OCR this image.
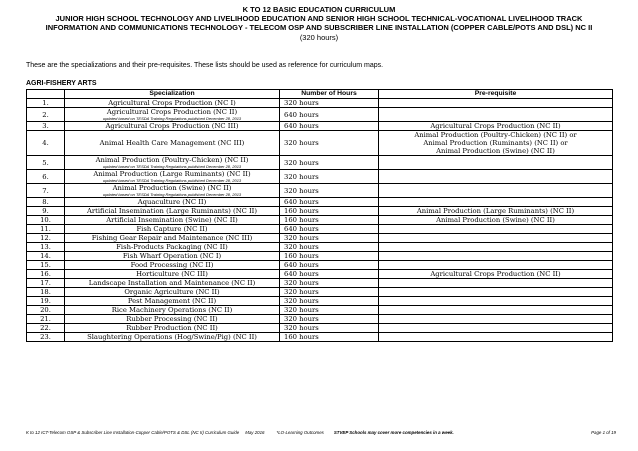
K TO 12 BASIC EDUCATION CURRICULUM
JUNIOR HIGH SCHOOL TECHNOLOGY AND LIVELIHOOD EDUCATION AND SENIOR HIGH SCHOOL TECHNICAL-VOCATIONAL LIVELIHOOD TRACK
INFORMATION AND COMMUNICATIONS TECHNOLOGY - TELECOM OSP AND SUBSCRIBER LINE INSTALLATION (COPPER CABLE/POTS AND DSL) NC II
(320 hours)
These are the specializations and their pre-requisites. These lists should be used as reference for curriculum maps.
AGRI-FISHERY ARTS
	Specialization	Number of Hours	Pre-requisite
1.	Agricultural Crops Production (NC I)	320 hours	
2.	Agricultural Crops Production (NC II)
updated based on TESDA Training Regulations published December 28, 2013	640 hours	
3.	Agricultural Crops Production (NC III)	640 hours	Agricultural Crops Production (NC II)
4.	Animal Health Care Management (NC III)	320 hours	Animal Production (Poultry-Chicken) (NC II) or
Animal Production (Ruminants) (NC II) or
Animal Production (Swine) (NC II)
5.	Animal Production (Poultry-Chicken) (NC II)
updated based on TESDA Training Regulations published December 28, 2013	320 hours	
6.	Animal Production (Large Ruminants) (NC II)
updated based on TESDA Training Regulations published December 28, 2013	320 hours	
7.	Animal Production (Swine) (NC II)
updated based on TESDA Training Regulations published December 28, 2013	320 hours	
8.	Aquaculture (NC II)	640 hours	
9.	Artificial Insemination (Large Ruminants) (NC II)	160 hours	Animal Production (Large Ruminants) (NC II)
10.	Artificial Insemination (Swine) (NC II)	160 hours	Animal Production (Swine) (NC II)
11.	Fish Capture (NC II)	640 hours	
12.	Fishing Gear Repair and Maintenance (NC III)	320 hours	
13.	Fish-Products Packaging (NC II)	320 hours	
14.	Fish Wharf Operation (NC I)	160 hours	
15.	Food Processing (NC II)	640 hours	
16.	Horticulture (NC III)	640 hours	Agricultural Crops Production (NC II)
17.	Landscape Installation and Maintenance (NC II)	320 hours	
18.	Organic Agriculture (NC II)	320 hours	
19.	Pest Management (NC II)	320 hours	
20.	Rice Machinery Operations (NC II)	320 hours	
21.	Rubber Processing (NC II)	320 hours	
22.	Rubber Production (NC II)	320 hours	
23.	Slaughtering Operations (Hog/Swine/Pig) (NC II)	160 hours	
K to 12 ICT-Telecom OSP & Subscriber Line Installation-Copper Cable/POTS & DSL (NC II) Curriculum Guide May 2016	*LO-Learning Outcomes STVEP Schools may cover more competencies in a week.	Page 1 of 19
